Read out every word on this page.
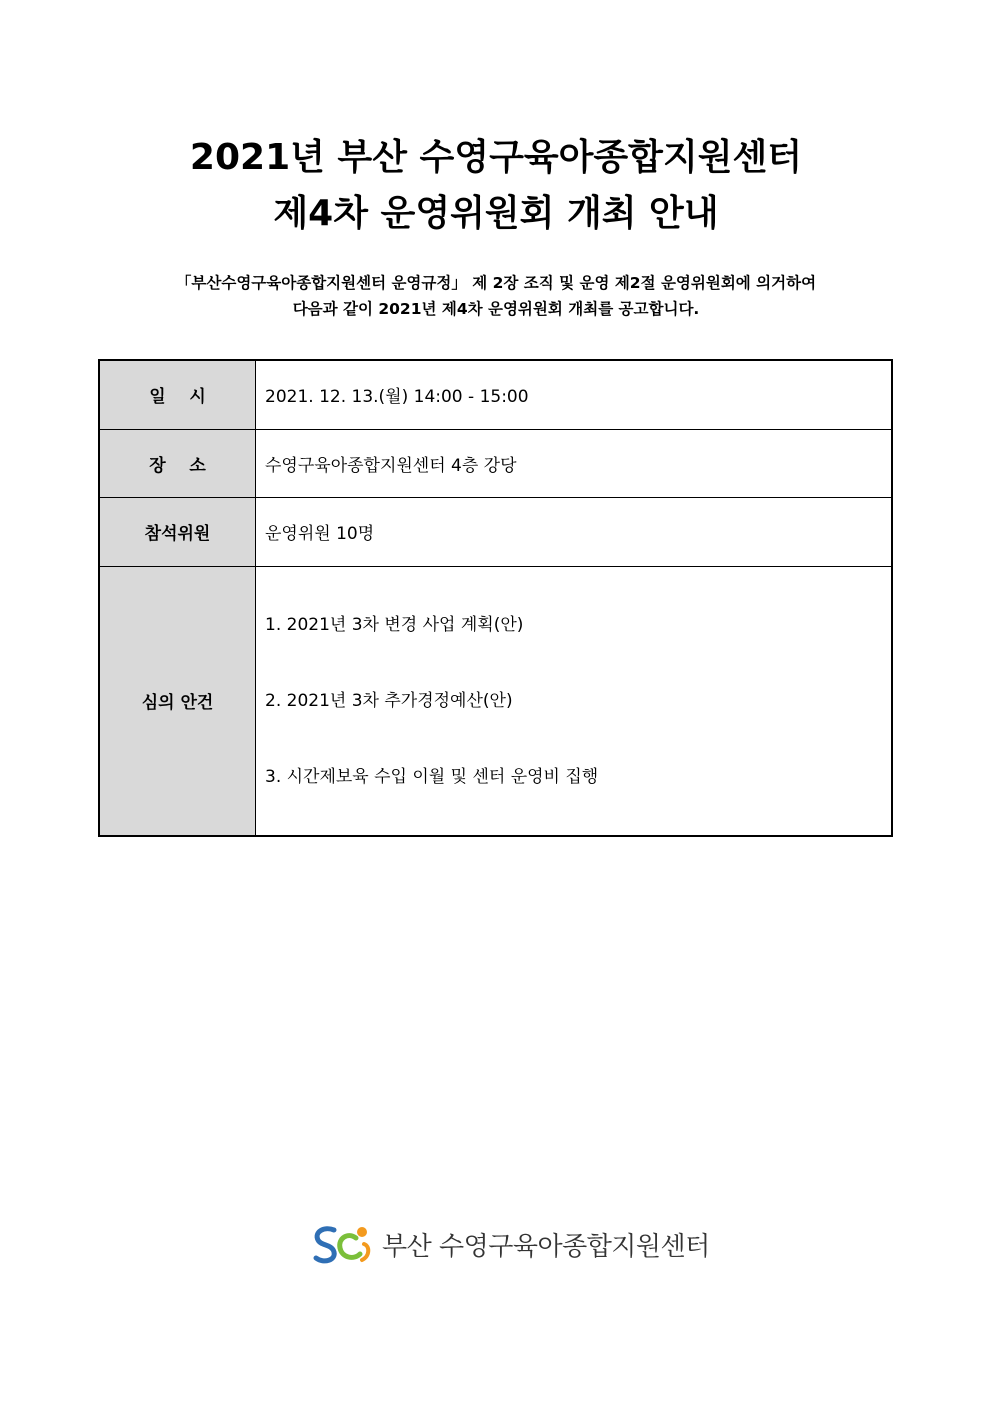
2021년 부산 수영구육아종합지원센터
제4차 운영위원회 개최 안내
「부산수영구육아종합지원센터 운영규정」 제 2장 조직 및 운영 제2절 운영위원회에 의거하여
다음과 같이 2021년 제4차 운영위원회 개최를 공고합니다.
일    시	2021. 12. 13.(월) 14:00 - 15:00
장    소	수영구육아종합지원센터 4층 강당
참석위원	운영위원 10명
심의 안건	1. 2021년 3차 변경 사업 계획(안)

2. 2021년 3차 추가경정예산(안)

3. 시간제보육 수입 이월 및 센터 운영비 집행

부산 수영구육아종합지원센터
